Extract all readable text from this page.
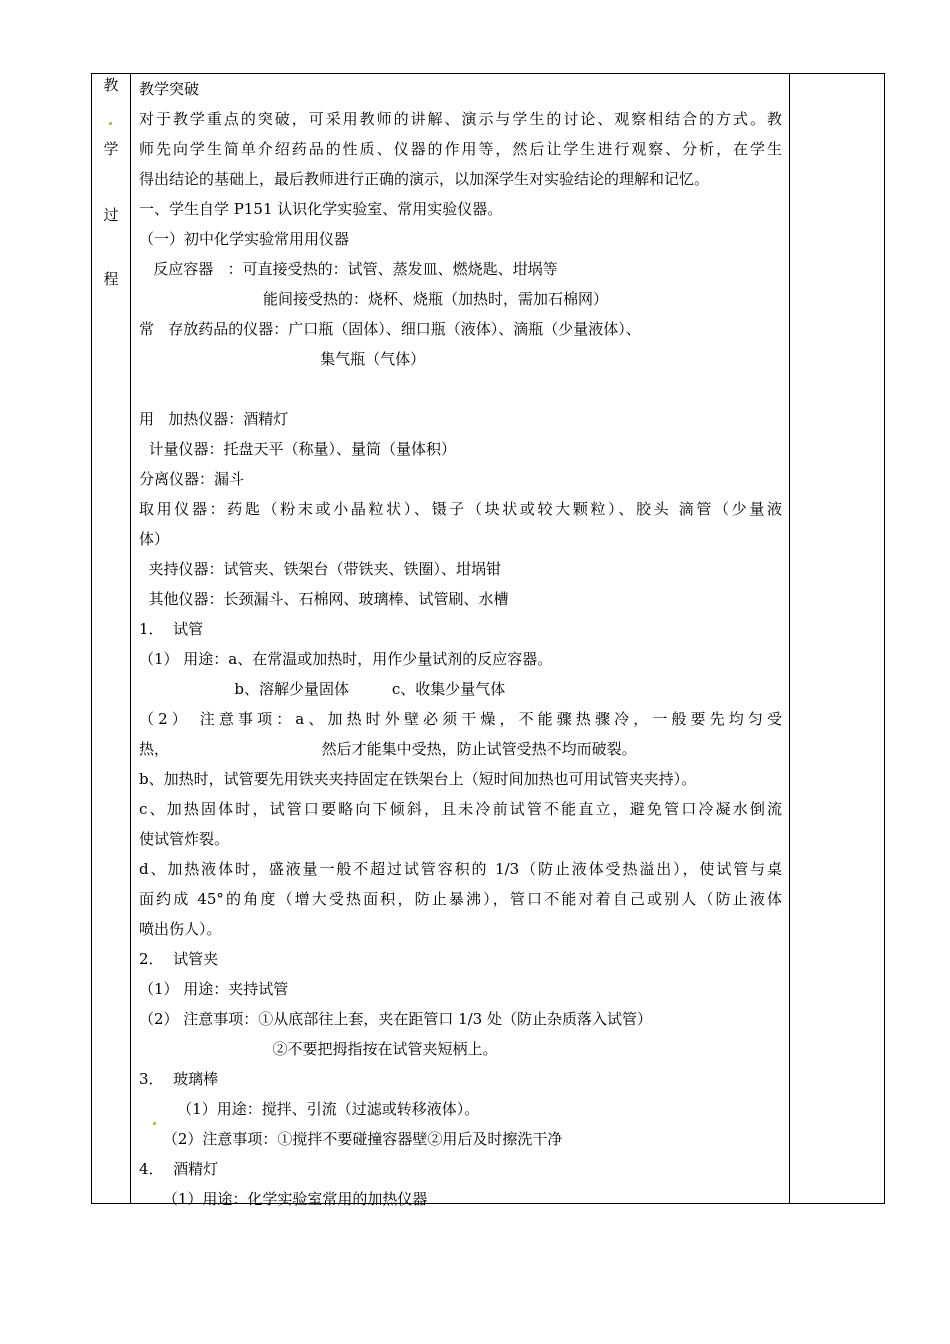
教
学
过
程
教学突破
对于教学重点的突破，可采用教师的讲解、演示与学生的讨论、观察相结合的方式。教
师先向学生简单介绍药品的性质、仪器的作用等，然后让学生进行观察、分析，在学生
得出结论的基础上，最后教师进行正确的演示，以加深学生对实验结论的理解和记忆。
一、学生自学 P151 认识化学实验室、常用实验仪器。
（一）初中化学实验常用用仪器
反应容器   ：可直接受热的：试管、蒸发皿、燃烧匙、坩埚等
能间接受热的：烧杯、烧瓶（加热时，需加石棉网）
常   存放药品的仪器：广口瓶（固体）、细口瓶（液体）、滴瓶（少量液体）、
集气瓶（气体）
用   加热仪器：酒精灯
计量仪器：托盘天平（称量）、量筒（量体积）
分离仪器：漏斗
取用仪器：药匙（粉末或小晶粒状）、镊子（块状或较大颗粒）、胶头 滴管（少量液
体）
夹持仪器：试管夹、铁架台（带铁夹、铁圈）、坩埚钳
其他仪器：长颈漏斗、石棉网、玻璃棒、试管刷、水槽
1．  试管
（1） 用途：a、在常温或加热时，用作少量试剂的反应容器。
b、溶解少量固体         c、收集少量气体
（2） 注意事项：a、加热时外壁必须干燥，不能骤热骤冷，一般要先均匀受
热，                                然后才能集中受热，防止试管受热不均而破裂。
b、加热时，试管要先用铁夹夹持固定在铁架台上（短时间加热也可用试管夹夹持）。
c、加热固体时，试管口要略向下倾斜，且未冷前试管不能直立，避免管口冷凝水倒流
使试管炸裂。
d、加热液体时，盛液量一般不超过试管容积的 1/3（防止液体受热溢出），使试管与桌
面约成 45°的角度（增大受热面积，防止暴沸），管口不能对着自己或别人（防止液体
喷出伤人）。
2．  试管夹
（1） 用途：夹持试管
（2） 注意事项：①从底部往上套，夹在距管口 1/3 处（防止杂质落入试管）
②不要把拇指按在试管夹短柄上。
3．  玻璃棒
（1）用途：搅拌、引流（过滤或转移液体）。
（2）注意事项：①搅拌不要碰撞容器壁②用后及时擦洗干净
4．  酒精灯
（1）用途：化学实验室常用的加热仪器
